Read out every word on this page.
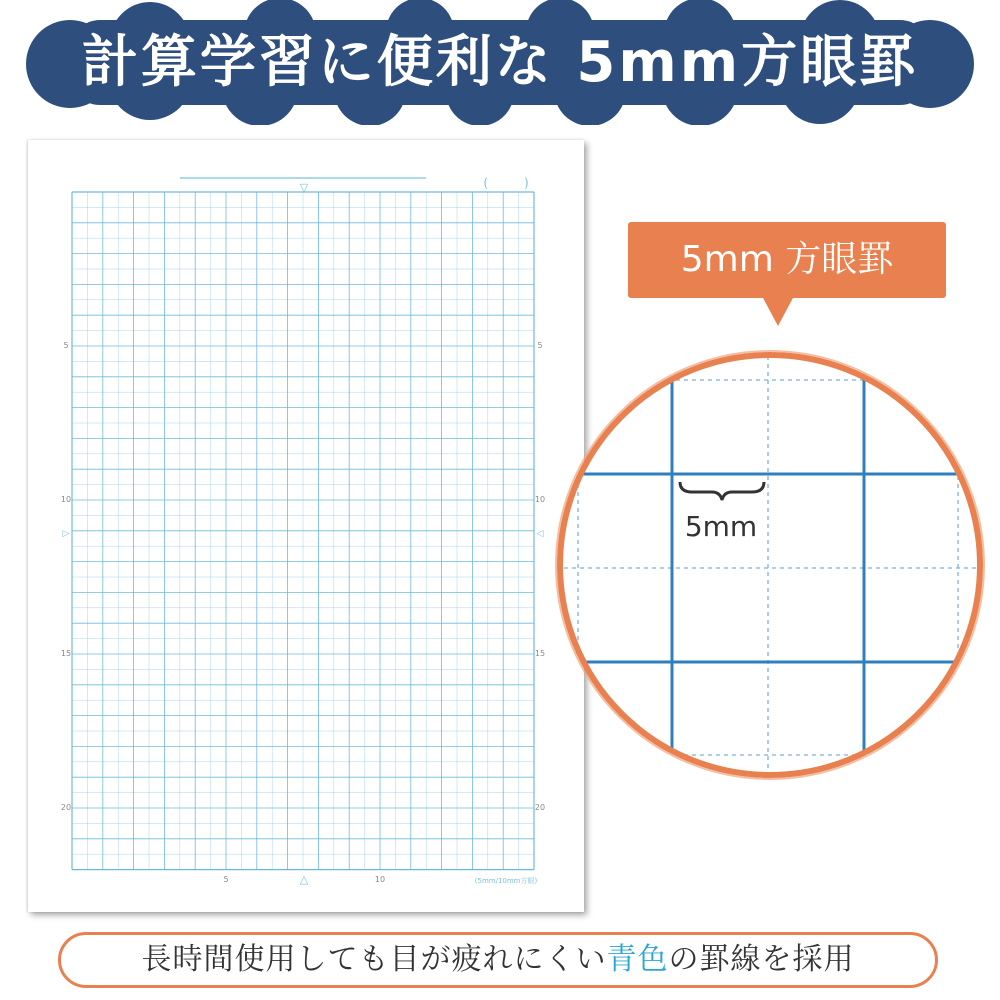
計算学習に便利な 5mm方眼罫
▽	(　　　)
5
10
15
20
5
10
15
20
▷	◁
5	10
△	(5mm/10mm方眼)
5mm 方眼罫
5mm
長時間使用しても目が疲れにくい青色の罫線を採用
